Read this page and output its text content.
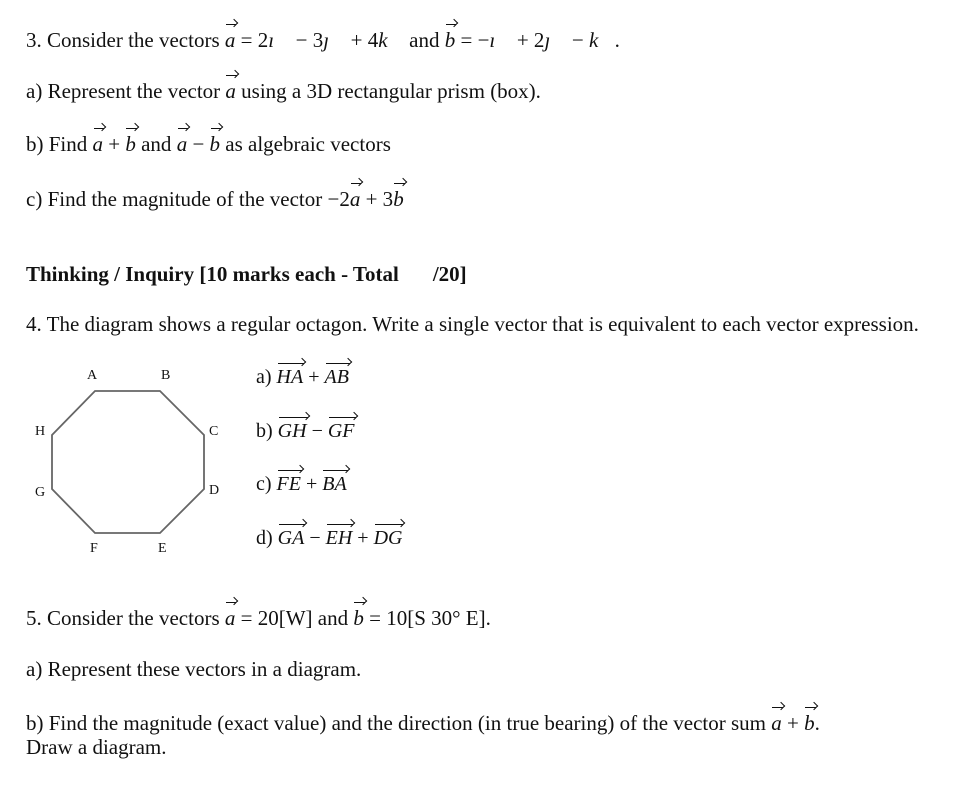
3. Consider the vectors a = 2ı⃗ − 3ȷ⃗ + 4k⃗ and b = −ı⃗ + 2ȷ⃗ − k⃗.
a) Represent the vector a using a 3D rectangular prism (box).
b) Find a + b and a − b as algebraic vectors
c) Find the magnitude of the vector −2a + 3b
Thinking / Inquiry [10 marks each - Total /20]
4. The diagram shows a regular octagon. Write a single vector that is equivalent to each vector expression.
A	B
C
D
E
F
G
H
a) HA + AB
b) GH − GF
c) FE + BA
d) GA − EH + DG
5. Consider the vectors a = 20[W] and b = 10[S 30° E].
a) Represent these vectors in a diagram.
b) Find the magnitude (exact value) and the direction (in true bearing) of the vector sum a + b.
Draw a diagram.
